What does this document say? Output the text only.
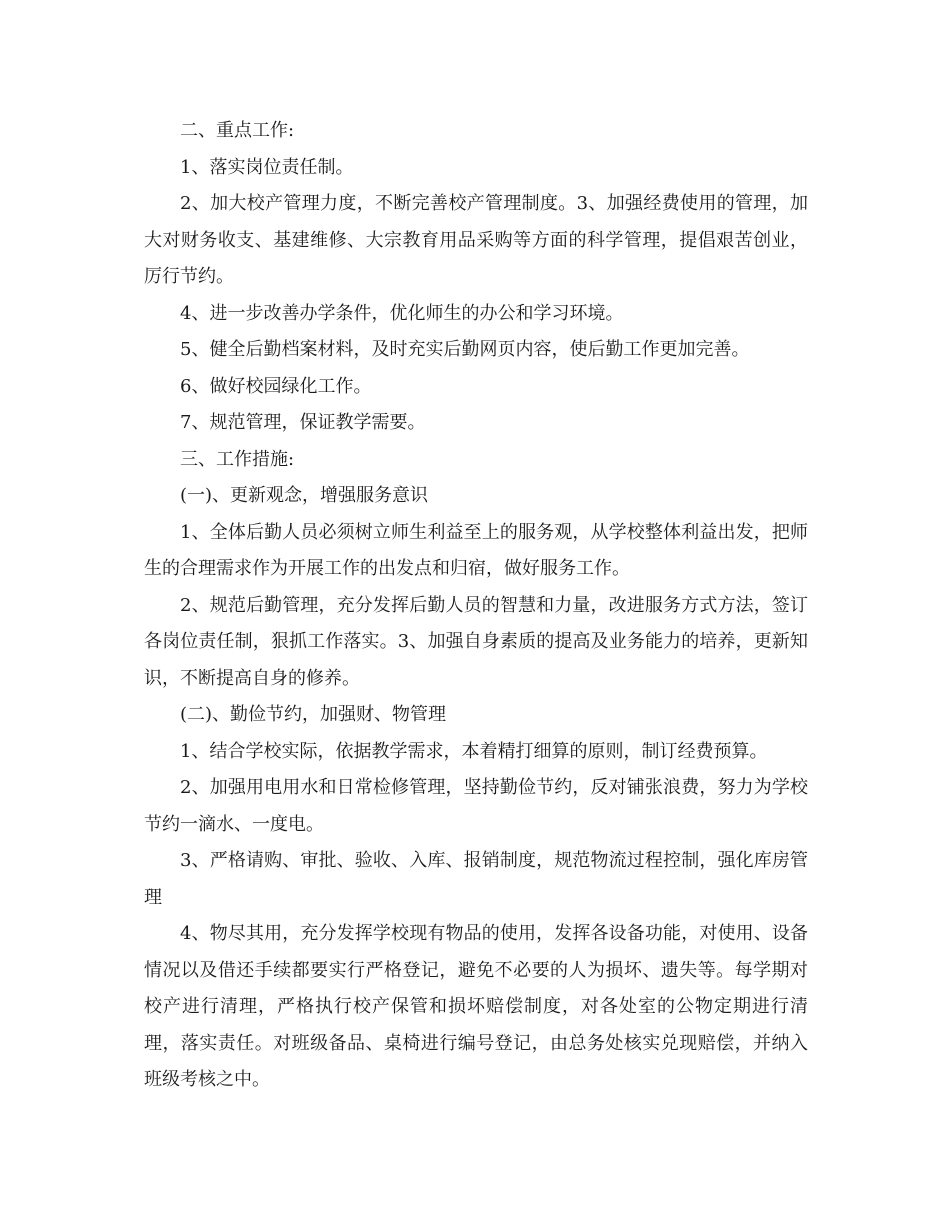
二、重点工作:

1、落实岗位责任制。

2、加大校产管理力度，不断完善校产管理制度。3、加强经费使用的管理，加大对财务收支、基建维修、大宗教育用品采购等方面的科学管理，提倡艰苦创业，厉行节约。

4、进一步改善办学条件，优化师生的办公和学习环境。

5、健全后勤档案材料，及时充实后勤网页内容，使后勤工作更加完善。

6、做好校园绿化工作。

7、规范管理，保证教学需要。

三、工作措施:

(一)、更新观念，增强服务意识

1、全体后勤人员必须树立师生利益至上的服务观，从学校整体利益出发，把师生的合理需求作为开展工作的出发点和归宿，做好服务工作。

2、规范后勤管理，充分发挥后勤人员的智慧和力量，改进服务方式方法，签订各岗位责任制，狠抓工作落实。3、加强自身素质的提高及业务能力的培养，更新知识，不断提高自身的修养。

(二)、勤俭节约，加强财、物管理

1、结合学校实际，依据教学需求，本着精打细算的原则，制订经费预算。

2、加强用电用水和日常检修管理，坚持勤俭节约，反对铺张浪费，努力为学校节约一滴水、一度电。

3、严格请购、审批、验收、入库、报销制度，规范物流过程控制，强化库房管理

4、物尽其用，充分发挥学校现有物品的使用，发挥各设备功能，对使用、设备情况以及借还手续都要实行严格登记，避免不必要的人为损坏、遗失等。每学期对校产进行清理，严格执行校产保管和损坏赔偿制度，对各处室的公物定期进行清理，落实责任。对班级备品、桌椅进行编号登记，由总务处核实兑现赔偿，并纳入班级考核之中。
